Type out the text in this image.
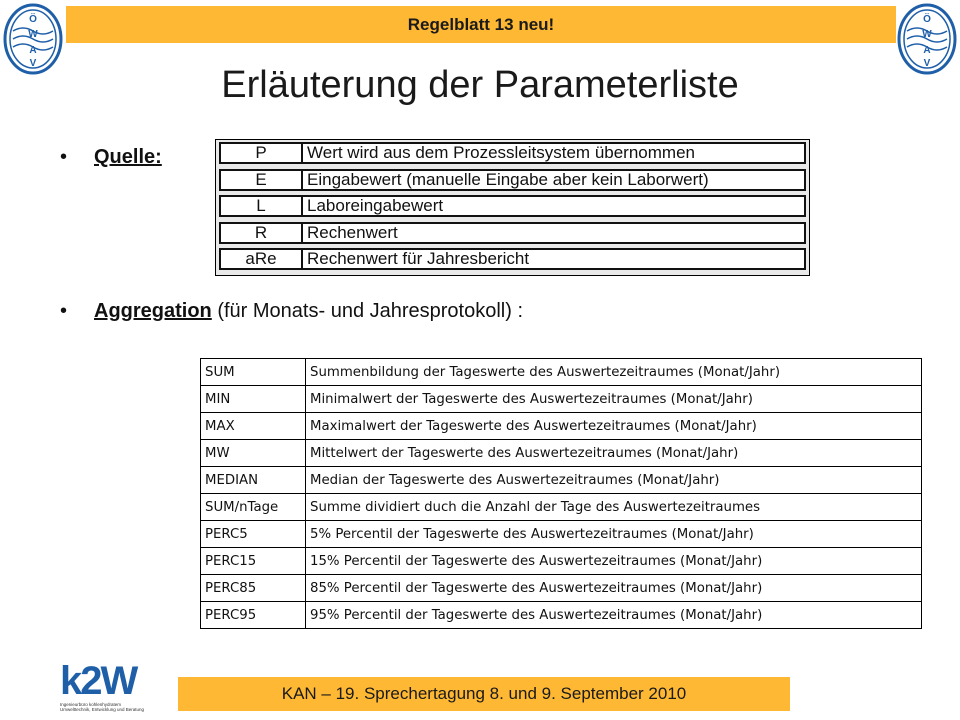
Regelblatt 13 neu!
Ö
W
A
V
Ö
W
A
V
Erläuterung der Parameterliste
• Quelle:	P	Wert wird aus dem Prozessleitsystem übernommen
E	Eingabewert (manuelle Eingabe aber kein Laborwert)
L	Laboreingabewert
R	Rechenwert
aRe	Rechenwert für Jahresbericht
• Aggregation (für Monats- und Jahresprotokoll) :
SUM	Summenbildung der Tageswerte des Auswertezeitraumes (Monat/Jahr)
MIN	Minimalwert der Tageswerte des Auswertezeitraumes (Monat/Jahr)
MAX	Maximalwert der Tageswerte des Auswertezeitraumes (Monat/Jahr)
MW	Mittelwert der Tageswerte des Auswertezeitraumes (Monat/Jahr)
MEDIAN	Median der Tageswerte des Auswertezeitraumes (Monat/Jahr)
SUM/nTage	Summe dividiert duch die Anzahl der Tage des Auswertezeitraumes
PERC5	5% Percentil der Tageswerte des Auswertezeitraumes (Monat/Jahr)
PERC15	15% Percentil der Tageswerte des Auswertezeitraumes (Monat/Jahr)
PERC85	85% Percentil der Tageswerte des Auswertezeitraumes (Monat/Jahr)
PERC95	95% Percentil der Tageswerte des Auswertezeitraumes (Monat/Jahr)
k2W
Ingenieurbüro kohlenhydratem
Umwelttechnik, Entwicklung und Beratung
KAN – 19. Sprechertagung 8. und 9. September 2010
